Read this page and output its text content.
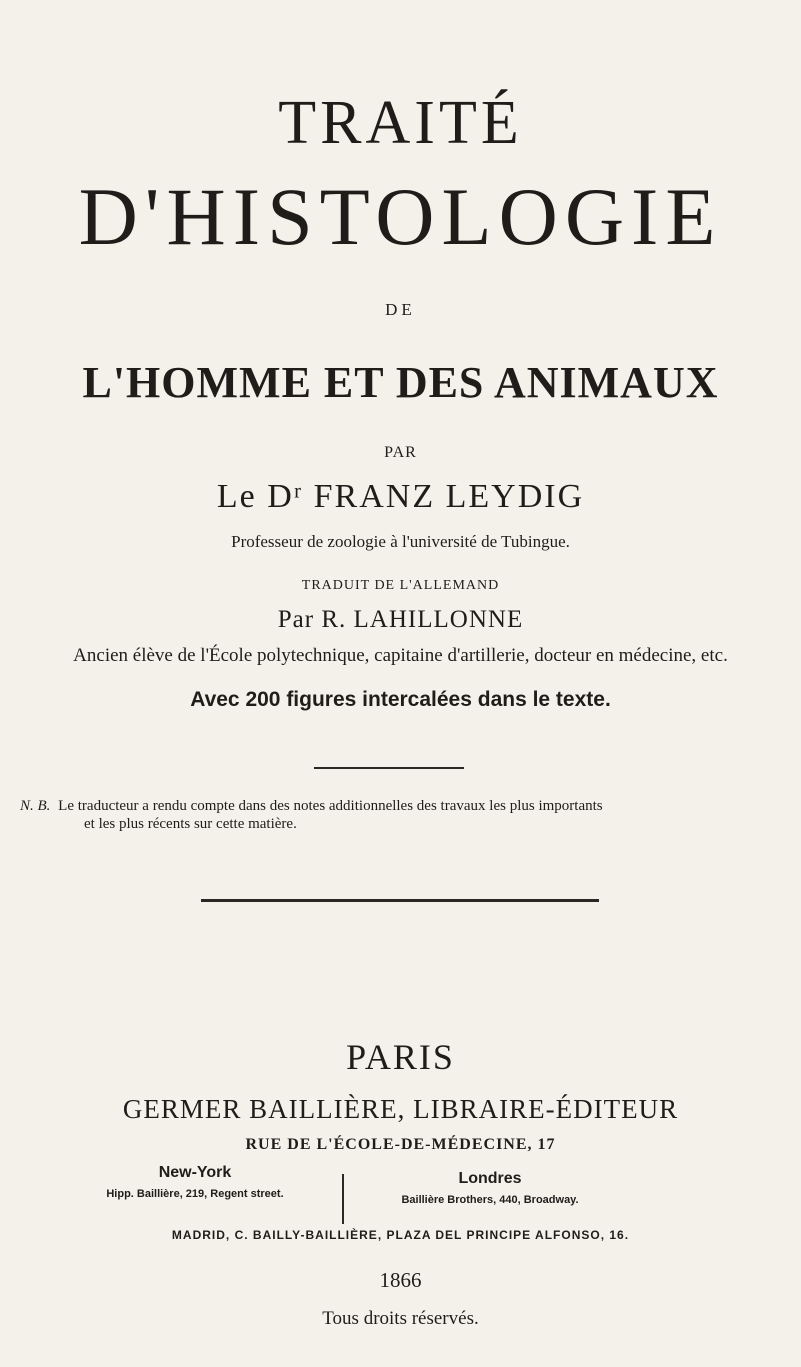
TRAITÉ
D'HISTOLOGIE
DE
L'HOMME ET DES ANIMAUX
PAR
Le Dʳ FRANZ LEYDIG
Professeur de zoologie à l'université de Tubingue.
TRADUIT DE L'ALLEMAND
Par R. LAHILLONNE
Ancien élève de l'École polytechnique, capitaine d'artillerie, docteur en médecine, etc.
Avec 200 figures intercalées dans le texte.
N. B. Le traducteur a rendu compte dans des notes additionnelles des travaux les plus importants
et les plus récents sur cette matière.
PARIS
GERMER BAILLIÈRE, LIBRAIRE-ÉDITEUR
RUE DE L'ÉCOLE-DE-MÉDECINE, 17
New-York
Hipp. Baillière, 219, Regent street.
Londres
Baillière Brothers, 440, Broadway.
MADRID, C. BAILLY-BAILLIÈRE, PLAZA DEL PRINCIPE ALFONSO, 16.
1866
Tous droits réservés.
